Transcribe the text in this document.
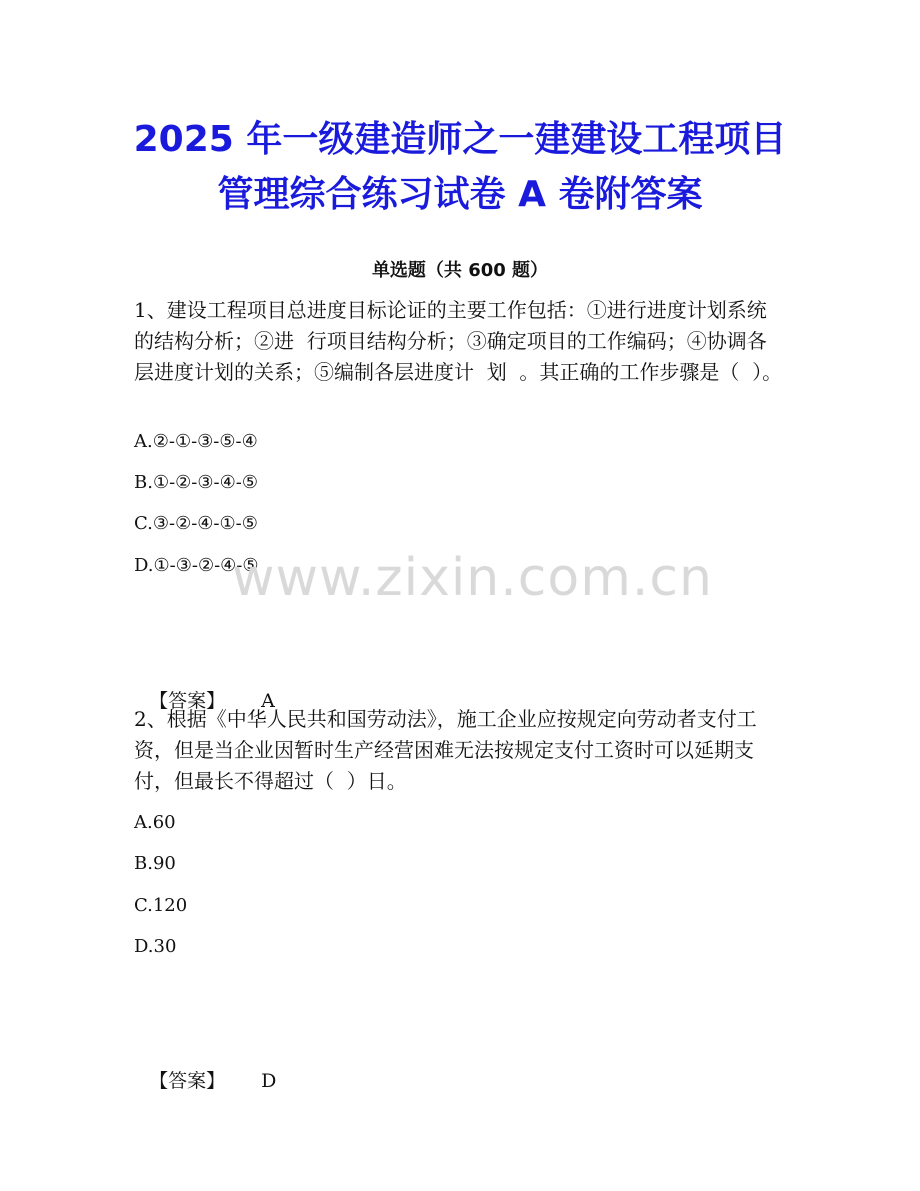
2025 年一级建造师之一建建设工程项目
管理综合练习试卷 A 卷附答案
单选题（共 600 题）
1、建设工程项目总进度目标论证的主要工作包括：①进行进度计划系统的结构分析；②进  行项目结构分析；③确定项目的工作编码；④协调各层进度计划的关系；⑤编制各层进度计  划  。其正确的工作步骤是（  ）。
A.②-①-③-⑤-④
B.①-②-③-④-⑤
C.③-②-④-①-⑤
D.①-③-②-④-⑤
www.zixin.com.cn

【答案】 A

2、根据《中华人民共和国劳动法》，施工企业应按规定向劳动者支付工资，但是当企业因暂时生产经营困难无法按规定支付工资时可以延期支付，但最长不得超过（  ）日。
A.60
B.90
C.120
D.30

【答案】 D
